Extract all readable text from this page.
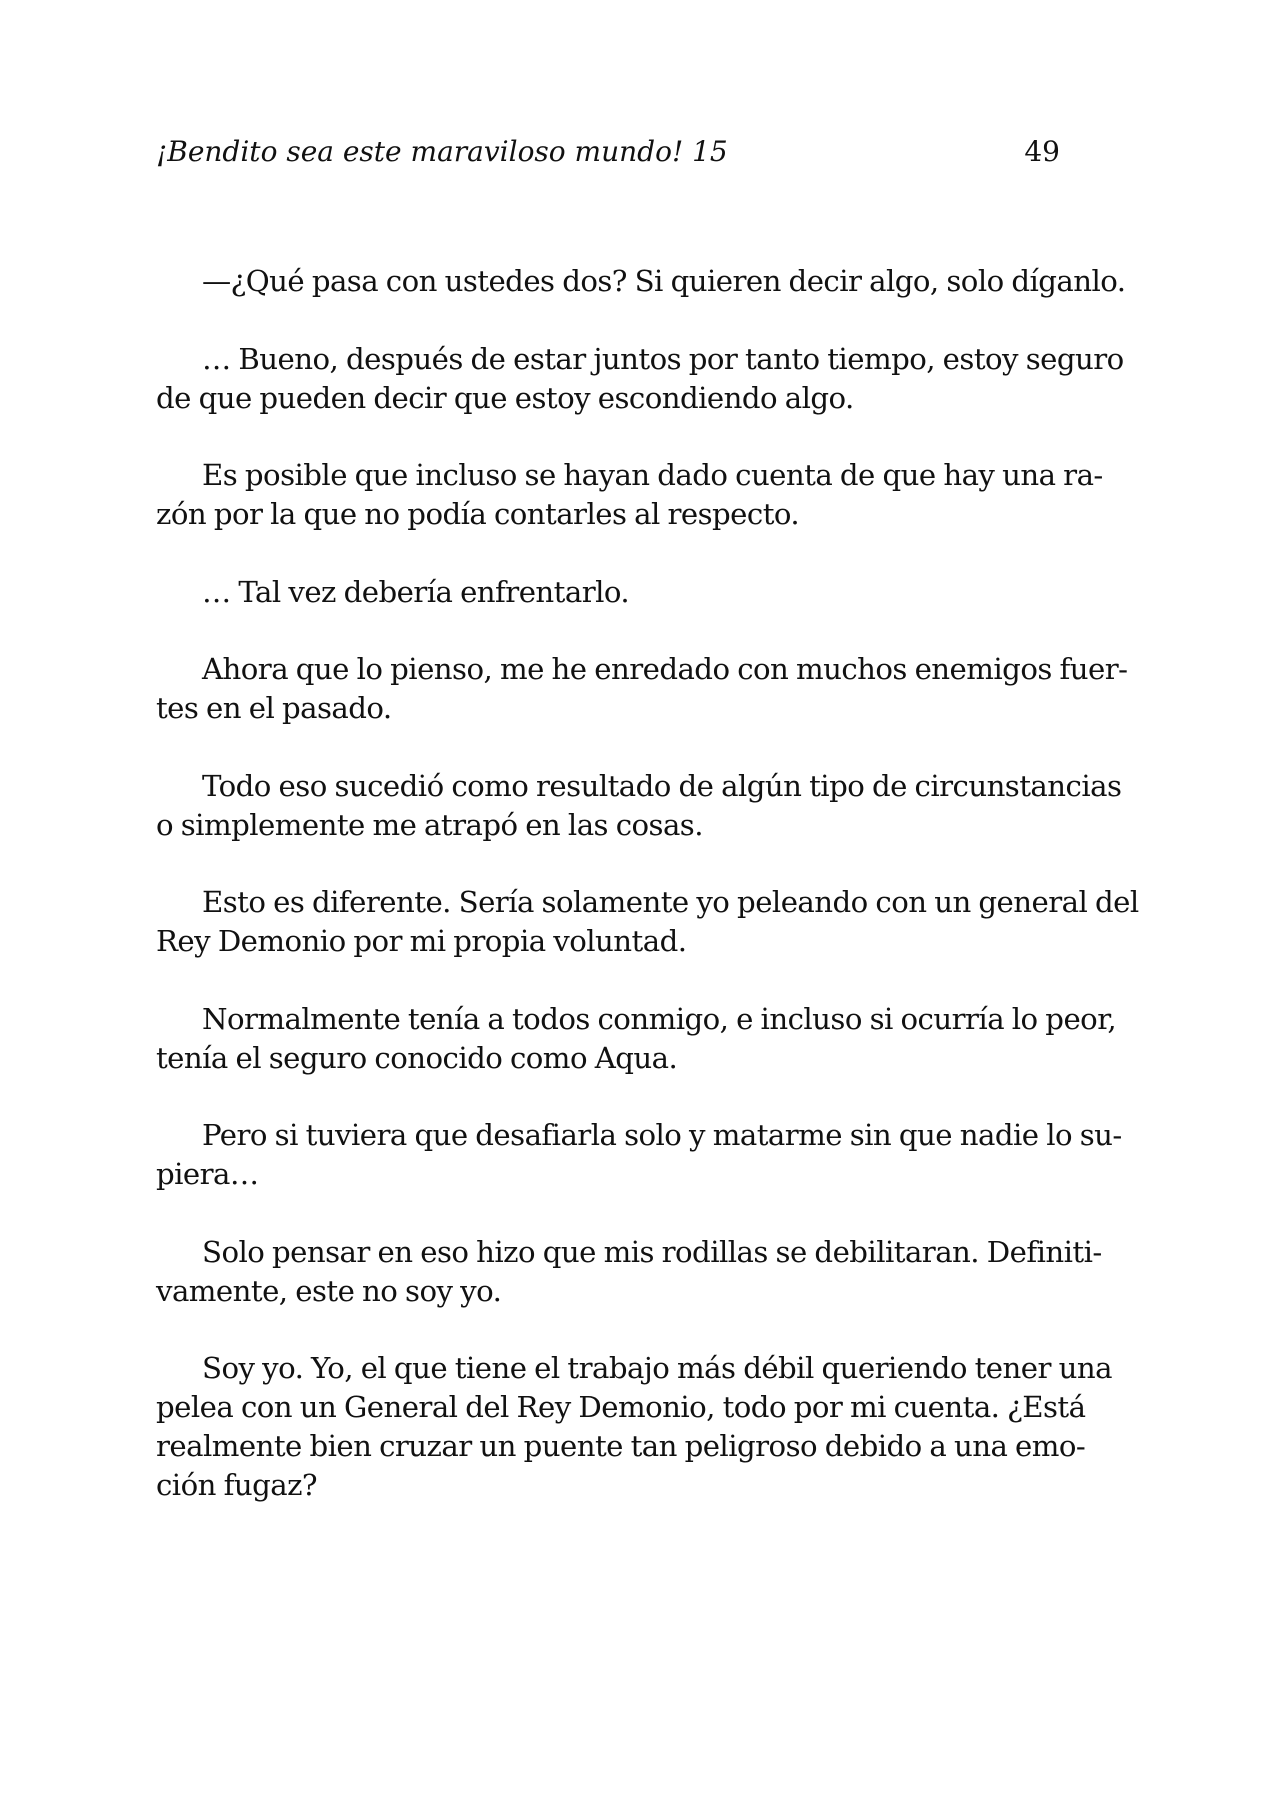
¡Bendito sea este maraviloso mundo! 15	49

—¿Qué pasa con ustedes dos? Si quieren decir algo, solo díganlo.

… Bueno, después de estar juntos por tanto tiempo, estoy seguro
de que pueden decir que estoy escondiendo algo.

Es posible que incluso se hayan dado cuenta de que hay una ra-
zón por la que no podía contarles al respecto.

… Tal vez debería enfrentarlo.

Ahora que lo pienso, me he enredado con muchos enemigos fuer-
tes en el pasado.

Todo eso sucedió como resultado de algún tipo de circunstancias
o simplemente me atrapó en las cosas.

Esto es diferente. Sería solamente yo peleando con un general del
Rey Demonio por mi propia voluntad.

Normalmente tenía a todos conmigo, e incluso si ocurría lo peor,
tenía el seguro conocido como Aqua.

Pero si tuviera que desafiarla solo y matarme sin que nadie lo su-
piera…

Solo pensar en eso hizo que mis rodillas se debilitaran. Definiti-
vamente, este no soy yo.

Soy yo. Yo, el que tiene el trabajo más débil queriendo tener una
pelea con un General del Rey Demonio, todo por mi cuenta. ¿Está
realmente bien cruzar un puente tan peligroso debido a una emo-
ción fugaz?
